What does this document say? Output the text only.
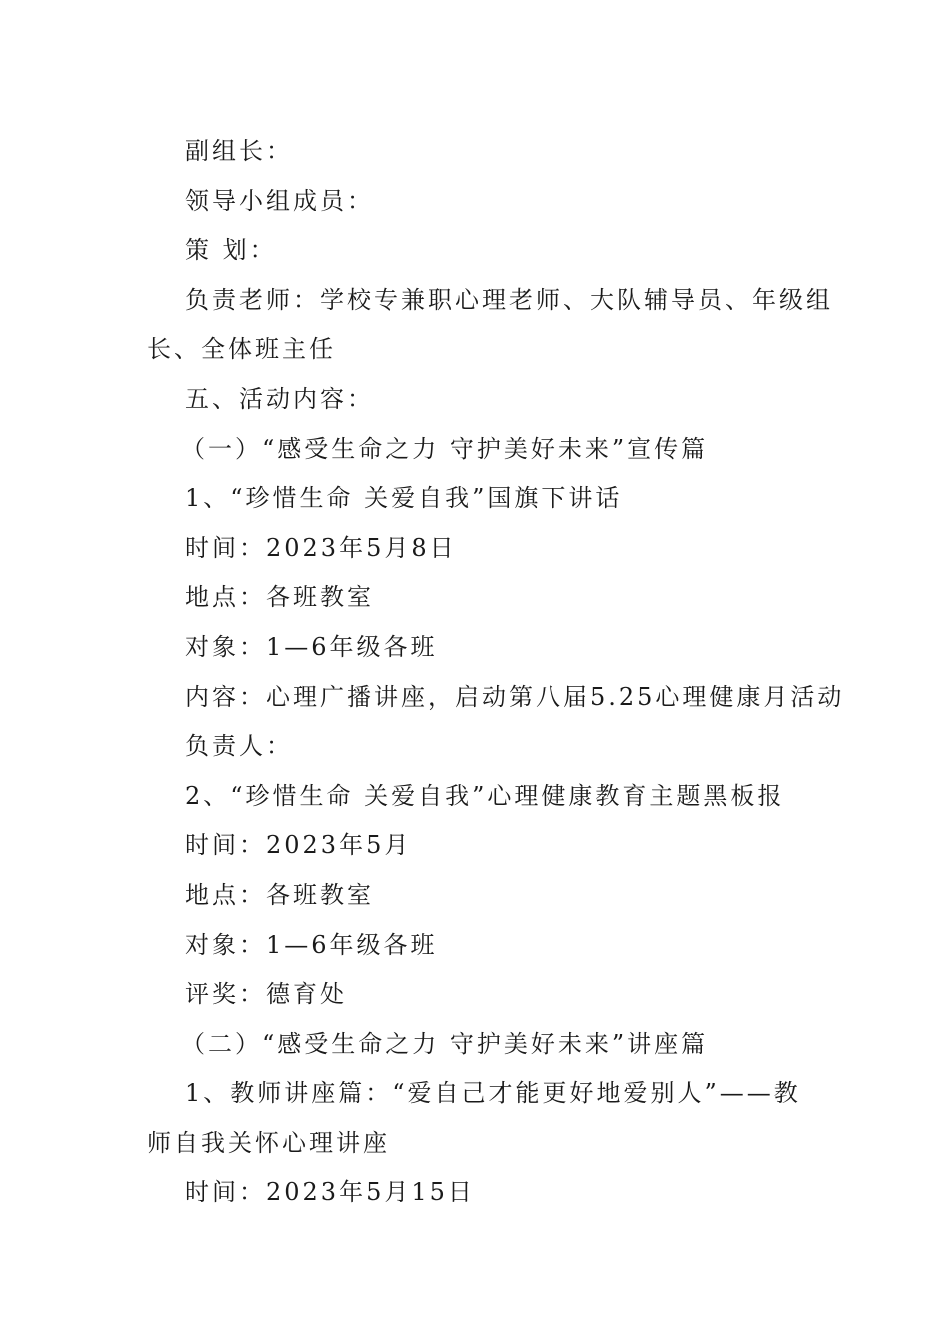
副组长：

领导小组成员：

策 划：

负责老师：学校专兼职心理老师、大队辅导员、年级组

长、全体班主任

五、活动内容：

（一）“感受生命之力 守护美好未来”宣传篇

1、“珍惜生命 关爱自我”国旗下讲话

时间：2023年5月8日

地点：各班教室

对象：1—6年级各班

内容：心理广播讲座，启动第八届5.25心理健康月活动

负责人：

2、“珍惜生命 关爱自我”心理健康教育主题黑板报

时间：2023年5月

地点：各班教室

对象：1—6年级各班

评奖：德育处

（二）“感受生命之力 守护美好未来”讲座篇

1、教师讲座篇：“爱自己才能更好地爱别人”——教

师自我关怀心理讲座

时间：2023年5月15日
